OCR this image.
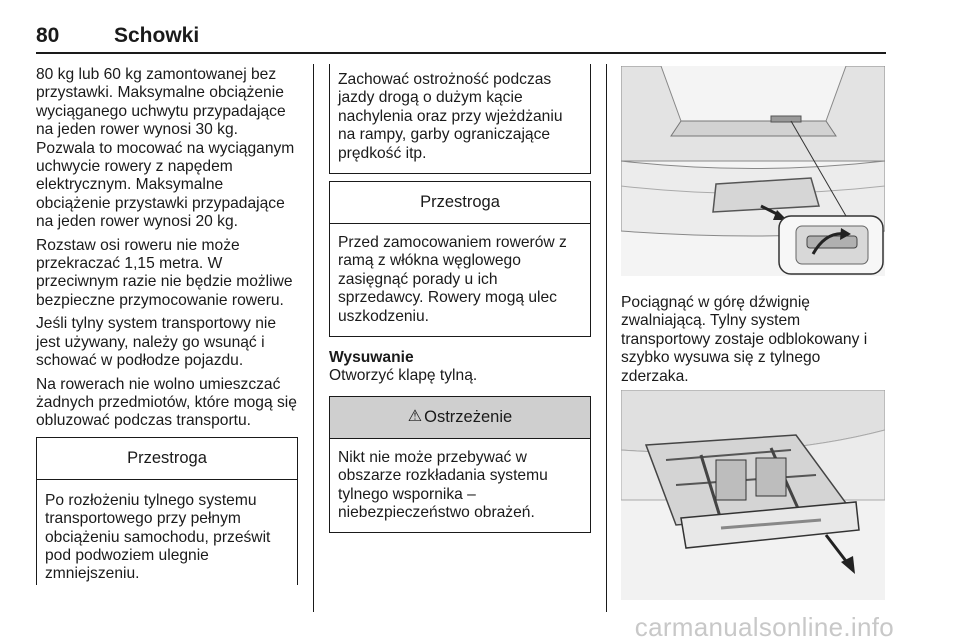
80	Schowki

80 kg lub 60 kg zamontowanej bez przystawki. Maksymalne obciążenie wyciąganego uchwytu przypadające na jeden rower wynosi 30 kg. Pozwala to mocować na wyciąganym uchwycie rowery z napędem elektrycznym. Maksymalne obciążenie przystawki przypadające na jeden rower wynosi 20 kg.

Rozstaw osi roweru nie może przekraczać 1,15 metra. W przeciwnym razie nie będzie możliwe bezpieczne przymocowanie roweru.

Jeśli tylny system transportowy nie jest używany, należy go wsunąć i schować w podłodze pojazdu.

Na rowerach nie wolno umieszczać żadnych przedmiotów, które mogą się obluzować podczas transportu.

Przestroga
Po rozłożeniu tylnego systemu transportowego przy pełnym obciążeniu samochodu, prześwit pod podwoziem ulegnie zmniejszeniu.
Zachować ostrożność podczas jazdy drogą o dużym kącie nachylenia oraz przy wjeżdżaniu na rampy, garby ograniczające prędkość itp.
Przestroga
Przed zamocowaniem rowerów z ramą z włókna węglowego zasięgnąć porady u ich sprzedawcy. Rowery mogą ulec uszkodzeniu.
Wysuwanie
Otworzyć klapę tylną.
⚠ Ostrzeżenie
Nikt nie może przebywać w obszarze rozkładania systemu tylnego wspornika – niebezpieczeństwo obrażeń.

Pociągnąć w górę dźwignię zwalniającą. Tylny system transportowy zostaje odblokowany i szybko wysuwa się z tylnego zderzaka.

carmanualsonline.info
